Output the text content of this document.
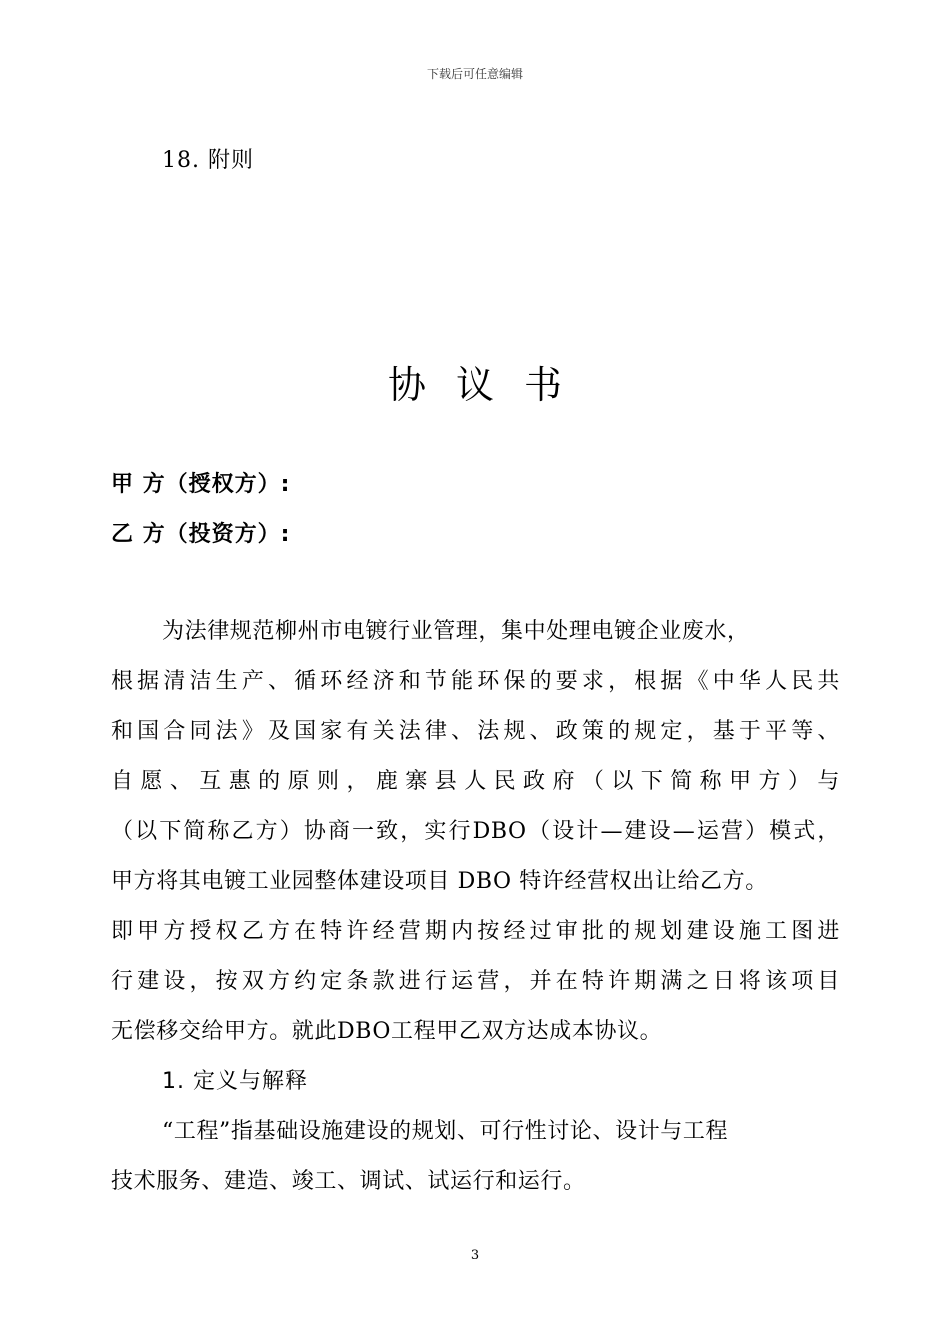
下载后可任意编辑
18. 附则
协议书
甲 方（授权方）:
乙 方（投资方）:
为法律规范柳州市电镀行业管理，集中处理电镀企业废水，
根据清洁生产、循环经济和节能环保的要求，根据《中华人民共
和国合同法》及国家有关法律、法规、政策的规定，基于平等、
自愿、互惠的原则，鹿寨县人民政府（以下简称甲方）与
（以下简称乙方）协商一致，实行DBO（设计—建设—运营）模式，
甲方将其电镀工业园整体建设项目 DBO 特许经营权出让给乙方。
即甲方授权乙方在特许经营期内按经过审批的规划建设施工图进
行建设，按双方约定条款进行运营，并在特许期满之日将该项目
无偿移交给甲方。就此DBO工程甲乙双方达成本协议。
1. 定义与解释
“工程”指基础设施建设的规划、可行性讨论、设计与工程
技术服务、建造、竣工、调试、试运行和运行。
3
